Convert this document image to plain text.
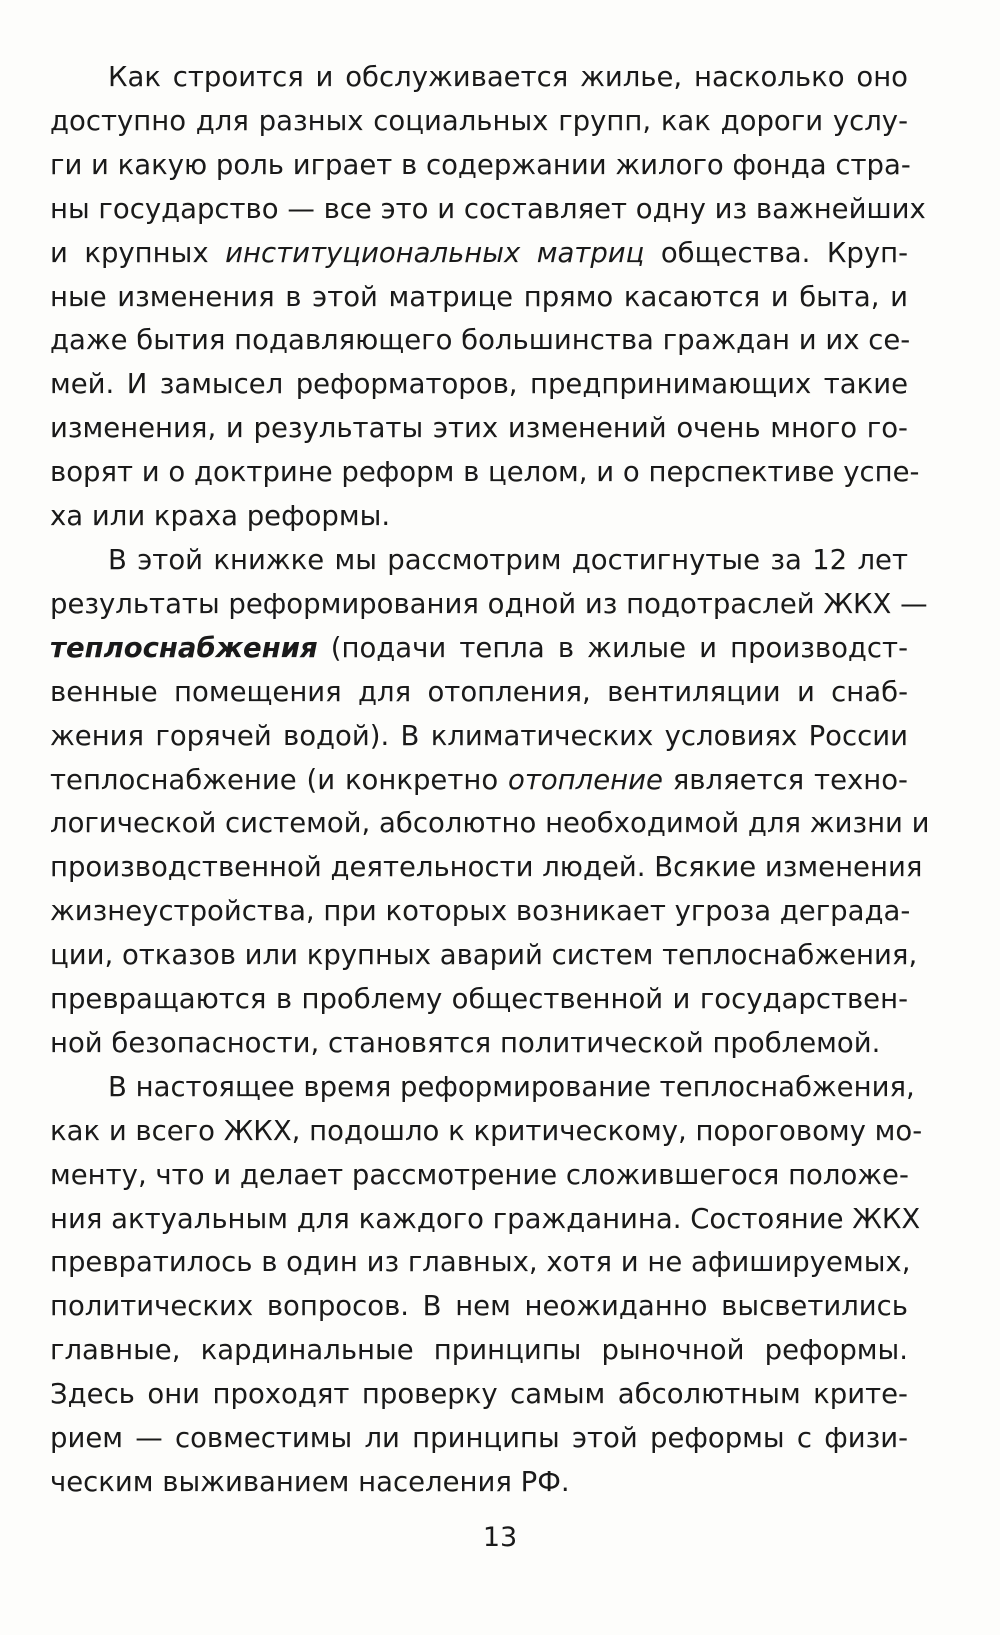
Как строится и обслуживается жилье, насколько оно
доступно для разных социальных групп, как дороги услу-
ги и какую роль играет в содержании жилого фонда стра-
ны государство — все это и составляет одну из важнейших
и крупных институциональных матриц общества. Круп-
ные изменения в этой матрице прямо касаются и быта, и
даже бытия подавляющего большинства граждан и их се-
мей. И замысел реформаторов, предпринимающих такие
изменения, и результаты этих изменений очень много го-
ворят и о доктрине реформ в целом, и о перспективе успе-
ха или краха реформы.
В этой книжке мы рассмотрим достигнутые за 12 лет
результаты реформирования одной из подотраслей ЖКХ —
теплоснабжения (подачи тепла в жилые и производст-
венные помещения для отопления, вентиляции и снаб-
жения горячей водой). В климатических условиях России
теплоснабжение (и конкретно отопление является техно-
логической системой, абсолютно необходимой для жизни и
производственной деятельности людей. Всякие изменения
жизнеустройства, при которых возникает угроза деграда-
ции, отказов или крупных аварий систем теплоснабжения,
превращаются в проблему общественной и государствен-
ной безопасности, становятся политической проблемой.
В настоящее время реформирование теплоснабжения,
как и всего ЖКХ, подошло к критическому, пороговому мо-
менту, что и делает рассмотрение сложившегося положе-
ния актуальным для каждого гражданина. Состояние ЖКХ
превратилось в один из главных, хотя и не афишируемых,
политических вопросов. В нем неожиданно высветились
главные, кардинальные принципы рыночной реформы.
Здесь они проходят проверку самым абсолютным крите-
рием — совместимы ли принципы этой реформы с физи-
ческим выживанием населения РФ.
13
